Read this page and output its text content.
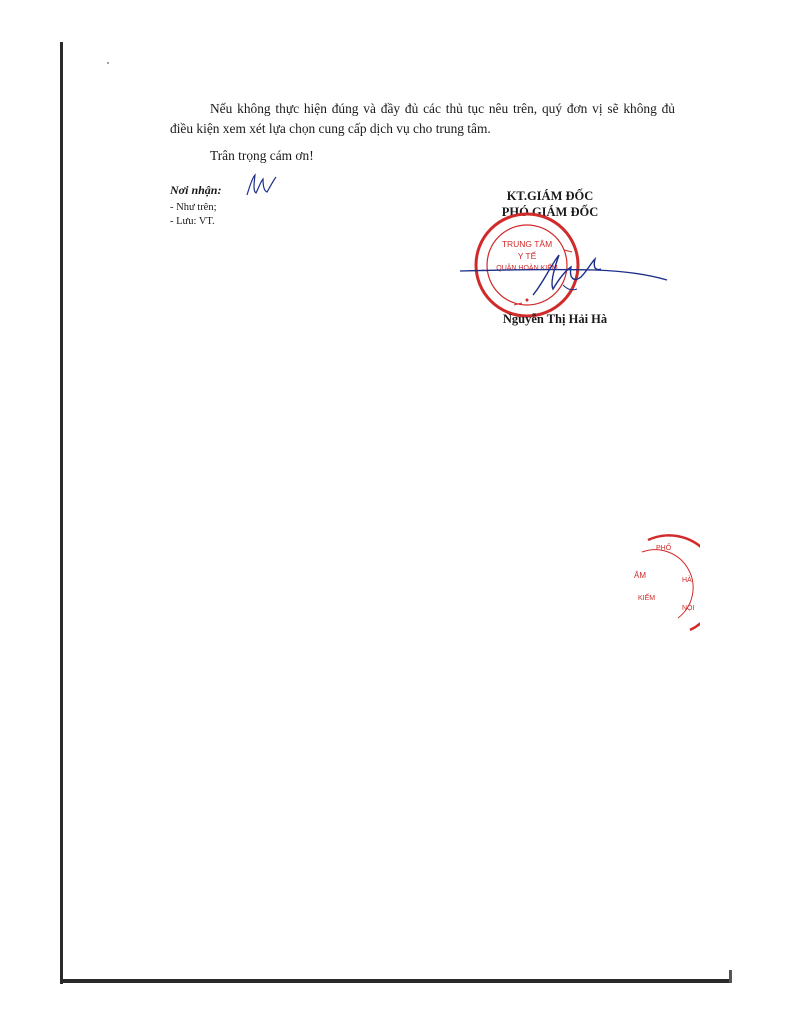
Nếu không thực hiện đúng và đầy đủ các thủ tục nêu trên, quý đơn vị sẽ không đủ điều kiện xem xét lựa chọn cung cấp dịch vụ cho trung tâm.
Trân trọng cám ơn!
Nơi nhận:
- Như trên;
- Lưu: VT.
KT.GIÁM ĐỐC
PHÓ GIÁM ĐỐC
TRUNG TÂM
Y TẾ
QUẬN HOÀN KIẾM
Nguyễn Thị Hải Hà
PHỐ
ÂM
HÀ
KIẾM
NỘI
